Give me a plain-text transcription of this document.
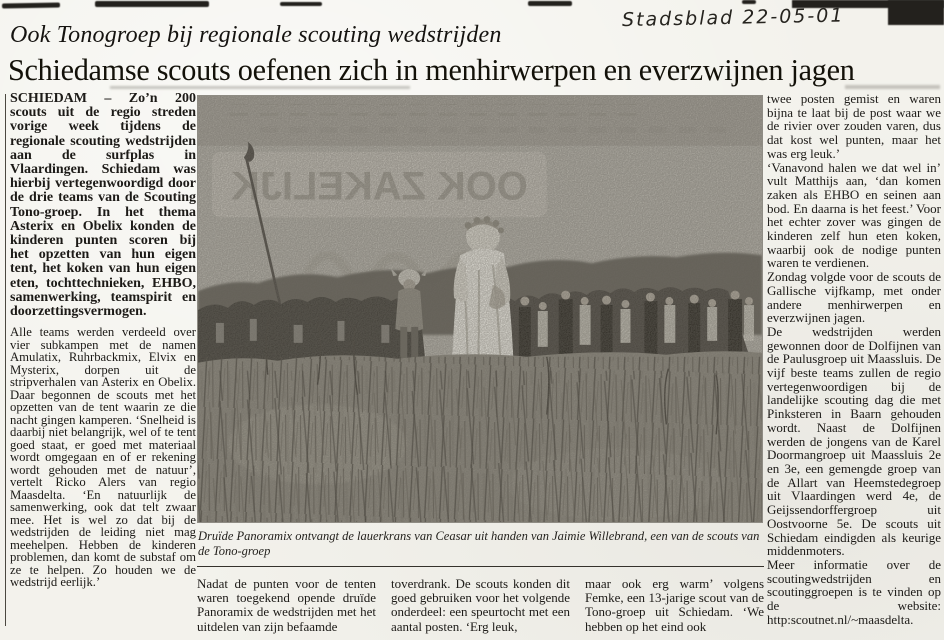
Stadsblad 22-05-01
Ook Tonogroep bij regionale scouting wedstrijden
Schiedamse scouts oefenen zich in menhirwerpen en everzwijnen jagen

SCHIEDAM – Zo’n 200 scouts uit de regio streden vorige week tijdens de regionale scouting wedstrijden aan de surfplas in Vlaardingen. Schiedam was hierbij vertegenwoordigd door de drie teams van de Scouting Tono-groep. In het thema Asterix en Obelix konden de kinderen punten scoren bij het opzetten van hun eigen tent, het koken van hun eigen eten, tochttechnieken, EHBO, samenwerking, teamspirit en doorzettingsvermogen.

Alle teams werden verdeeld over vier subkampen met de namen Amulatix, Ruhrbackmix, Elvix en Mysterix, dorpen uit de stripverhalen van Asterix en Obelix. Daar begonnen de scouts met het opzetten van de tent waarin ze die nacht gingen kamperen. ‘Snelheid is daarbij niet belangrijk, wel of te tent goed staat, er goed met materiaal wordt omgegaan en of er rekening wordt gehouden met de natuur’, vertelt Ricko Alers van regio Maasdelta. ‘En natuurlijk de samenwerking, ook dat telt zwaar mee. Het is wel zo dat bij de wedstrijden de leiding niet mag meehelpen. Hebben de kinderen problemen, dan komt de substaf om ze te helpen. Zo houden we de wedstrijd eerlijk.’

Druïde Panoramix ontvangt de lauerkrans van Ceasar uit handen van Jaimie Willebrand, een van de scouts van de Tono-groep
Nadat de punten voor de tenten waren toegekend opende druïde Panoramix de wedstrijden met het uitdelen van zijn befaamde
toverdrank. De scouts konden dit goed gebruiken voor het volgende onderdeel: een speurtocht met een aantal posten. ‘Erg leuk,
maar ook erg warm’ volgens Femke, een 13-jarige scout van de Tono-groep uit Schiedam. ‘We hebben op het eind ook

twee posten gemist en waren bijna te laat bij de post waar we de rivier over zouden varen, dus dat kost wel punten, maar het was erg leuk.’

‘Vanavond halen we dat wel in’ vult Matthijs aan, ‘dan komen zaken als EHBO en seinen aan bod. En daarna is het feest.’ Voor het echter zover was gingen de kinderen zelf hun eten koken, waarbij ook de nodige punten waren te verdienen.

Zondag volgde voor de scouts de Gallische vijfkamp, met onder andere menhirwerpen en everzwijnen jagen.

De wedstrijden werden gewonnen door de Dolfijnen van de Paulusgroep uit Maassluis. De vijf beste teams zullen de regio vertegenwoordigen bij de landelijke scouting dag die met Pinksteren in Baarn gehouden wordt. Naast de Dolfijnen werden de jongens van de Karel Doormangroep uit Maassluis 2e en 3e, een gemengde groep van de Allart van Heemstedegroep uit Vlaardingen werd 4e, de Geijssendorffergroep uit Oostvoorne 5e. De scouts uit Schiedam eindigden als keurige middenmoters.

Meer informatie over de scoutingwedstrijden en scoutinggroepen is te vinden op de website: http:scoutnet.nl/~maasdelta.
